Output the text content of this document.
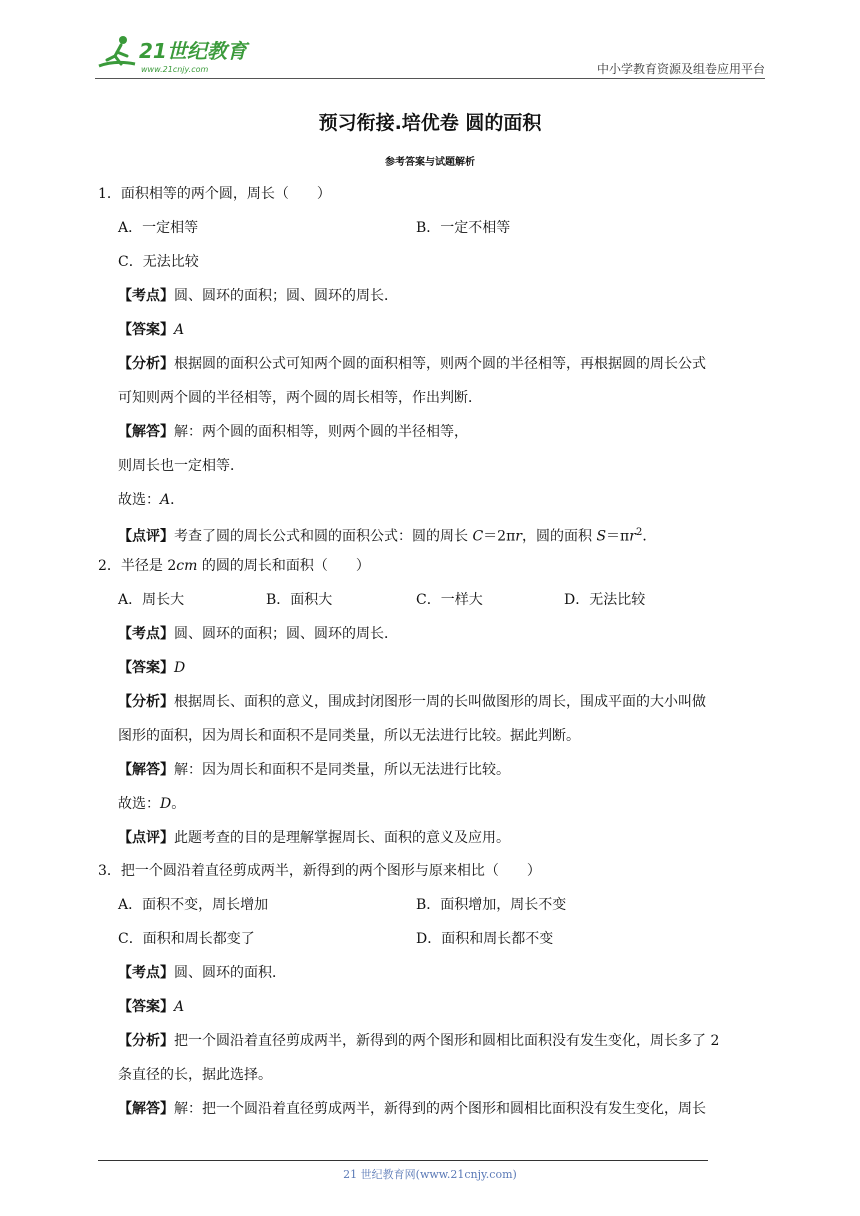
21世纪教育
www.21cnjy.com	中小学教育资源及组卷应用平台
预习衔接.培优卷 圆的面积
参考答案与试题解析
1．面积相等的两个圆，周长（　　）
A．一定相等	B．一定不相等
C．无法比较
【考点】圆、圆环的面积；圆、圆环的周长．
【答案】A
【分析】根据圆的面积公式可知两个圆的面积相等，则两个圆的半径相等，再根据圆的周长公式
可知则两个圆的半径相等，两个圆的周长相等，作出判断．
【解答】解：两个圆的面积相等，则两个圆的半径相等，
则周长也一定相等．
故选：A．
【点评】考查了圆的周长公式和圆的面积公式：圆的周长 C＝2πr，圆的面积 $S=\pi r^2$．
2．半径是 2cm 的圆的周长和面积（　　）
A．周长大	B．面积大	C．一样大	D．无法比较
【考点】圆、圆环的面积；圆、圆环的周长．
【答案】D
【分析】根据周长、面积的意义，围成封闭图形一周的长叫做图形的周长，围成平面的大小叫做
图形的面积，因为周长和面积不是同类量，所以无法进行比较。据此判断。
【解答】解：因为周长和面积不是同类量，所以无法进行比较。
故选：D。
【点评】此题考查的目的是理解掌握周长、面积的意义及应用。
3．把一个圆沿着直径剪成两半，新得到的两个图形与原来相比（　　）
A．面积不变，周长增加	B．面积增加，周长不变
C．面积和周长都变了	D．面积和周长都不变
【考点】圆、圆环的面积．
【答案】A
【分析】把一个圆沿着直径剪成两半，新得到的两个图形和圆相比面积没有发生变化，周长多了 2
条直径的长，据此选择。
【解答】解：把一个圆沿着直径剪成两半，新得到的两个图形和圆相比面积没有发生变化，周长
21 世纪教育网(www.21cnjy.com)
